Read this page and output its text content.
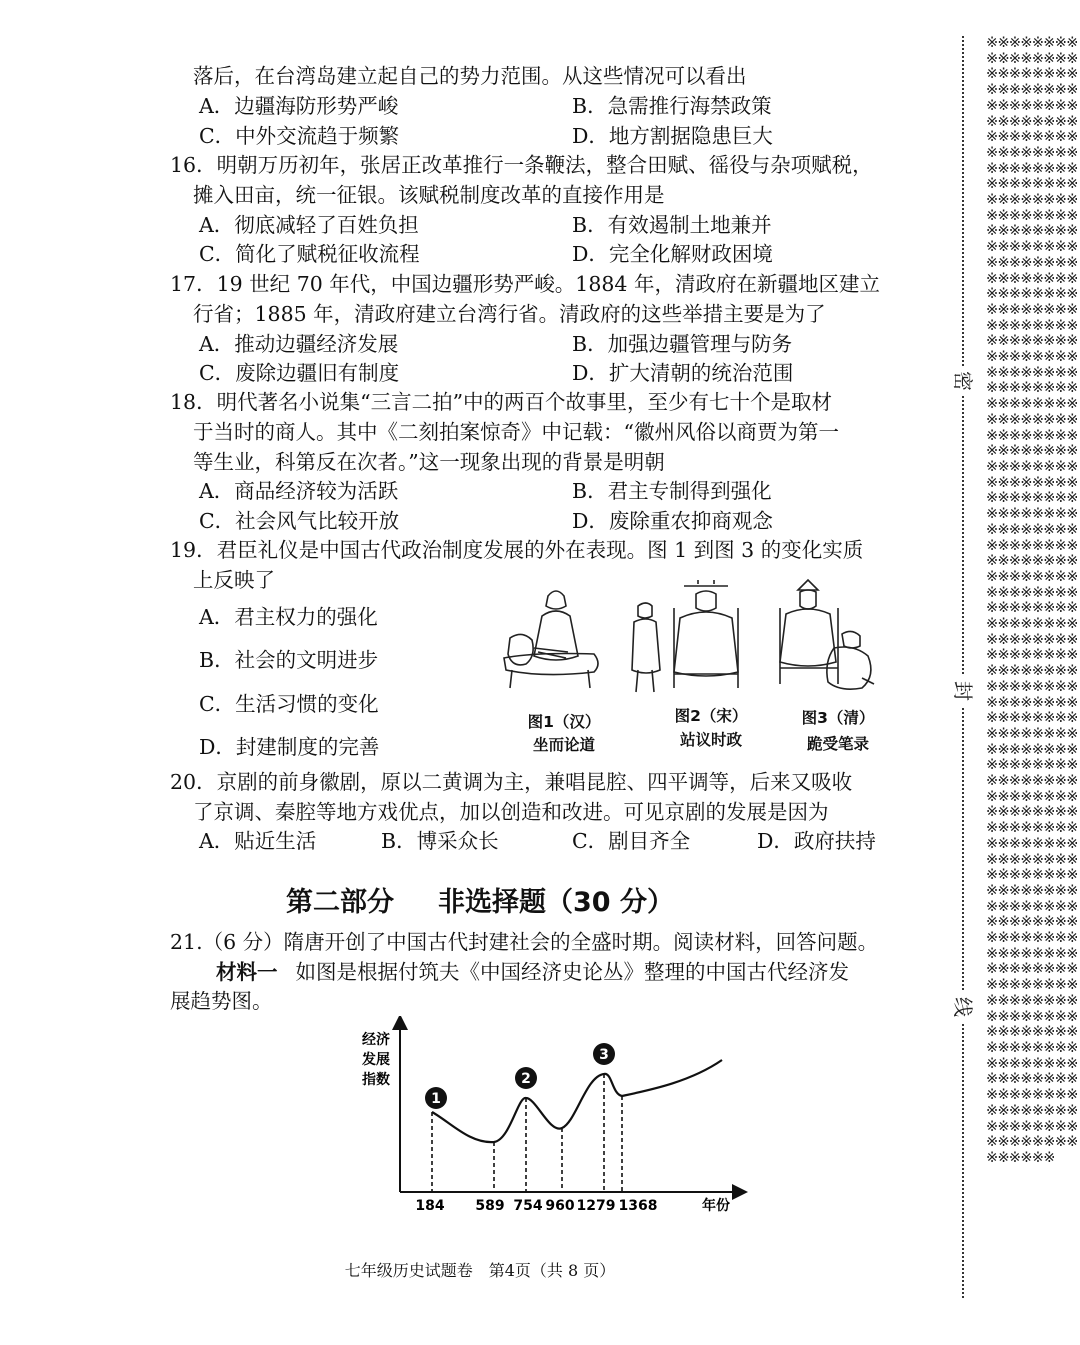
落后，在台湾岛建立起自己的势力范围。从这些情况可以看出
A．边疆海防形势严峻	B．急需推行海禁政策
C．中外交流趋于频繁	D．地方割据隐患巨大
16．明朝万历初年，张居正改革推行一条鞭法，整合田赋、徭役与杂项赋税，
摊入田亩，统一征银。该赋税制度改革的直接作用是
A．彻底减轻了百姓负担	B．有效遏制土地兼并
C．简化了赋税征收流程	D．完全化解财政困境
17．19 世纪 70 年代，中国边疆形势严峻。1884 年，清政府在新疆地区建立
行省；1885 年，清政府建立台湾行省。清政府的这些举措主要是为了
A．推动边疆经济发展	B．加强边疆管理与防务
C．废除边疆旧有制度	D．扩大清朝的统治范围
18．明代著名小说集“三言二拍”中的两百个故事里，至少有七十个是取材
于当时的商人。其中《二刻拍案惊奇》中记载：“徽州风俗以商贾为第一
等生业，科第反在次者。”这一现象出现的背景是明朝
A．商品经济较为活跃	B．君主专制得到强化
C．社会风气比较开放	D．废除重农抑商观念
19．君臣礼仪是中国古代政治制度发展的外在表现。图 1 到图 3 的变化实质
上反映了
A．君主权力的强化
B．社会的文明进步
C．生活习惯的变化
D．封建制度的完善
图1（汉）
坐而论道
图2（宋）
站议时政
图3（清）
跪受笔录
20．京剧的前身徽剧，原以二黄调为主，兼唱昆腔、四平调等，后来又吸收
了京调、秦腔等地方戏优点，加以创造和改进。可见京剧的发展是因为
A．贴近生活	B．博采众长	C．剧目齐全	D．政府扶持
第二部分 非选择题（30 分）
21.（6 分）隋唐开创了中国古代封建社会的全盛时期。阅读材料，回答问题。
材料一 如图是根据付筑夫《中国经济史论丛》整理的中国古代经济发
展趋势图。
经济
发展
指数
1
2
3
184 589 754 960 1279 1368	年份
七年级历史试题卷　第4页（共 8 页）
※※※※※※※※※※※※※※※※※※※※※※※※※※※※※※※※※※※※※※※※※※※※※※※※※※※※※※※※※※※※※※※※※※※※※※※※※※※※※※※※※※※※※※※※※※※※※※※※※※※※※※※※※※※※※※※※※※※※※※※※※※※※※※※※※※※※※※※※※※※※※※※※※※※※※※※※※※※※※※※※※※※※※※※※※※※※※※※※※※※※※※※※※※※※※※※※※※※※※※※※※※※※※※※※※※※※※※※※※※※※※※※※※※※※※※※※※※※※※※※※※※※※※※※※※※※※※※※※※※※※※※※※※※※※※※※※※※※※※※※※※※※※※※※※※※※※※※※※※※※※※※※※※※※※※※※※※※※※※※※※※※※※※※※※※※※※※※※※※※※※※※※※※※※※※※※※※※※※※※※※※※※※※※※※※※※※※※※※※※※※※※※※※※※※※※※※※※※※※※※※※※※※※※※※※※※※※※※※※※※※※※※※※※※※※※※※※※※※※※※※※※※※※※※※※※※※※※※※※※※※※※※※※※※※※※※※※※※※※※※※※※※※※※※※※※※※※※※※※※※※※※※※※※※※※※※※※※※※※※※※※※※※※※※※※※※※※※※※※※※※※※※※※※※※※※※※※※※※※※※※※※※※※※※※※※※※※※
密
封
线
